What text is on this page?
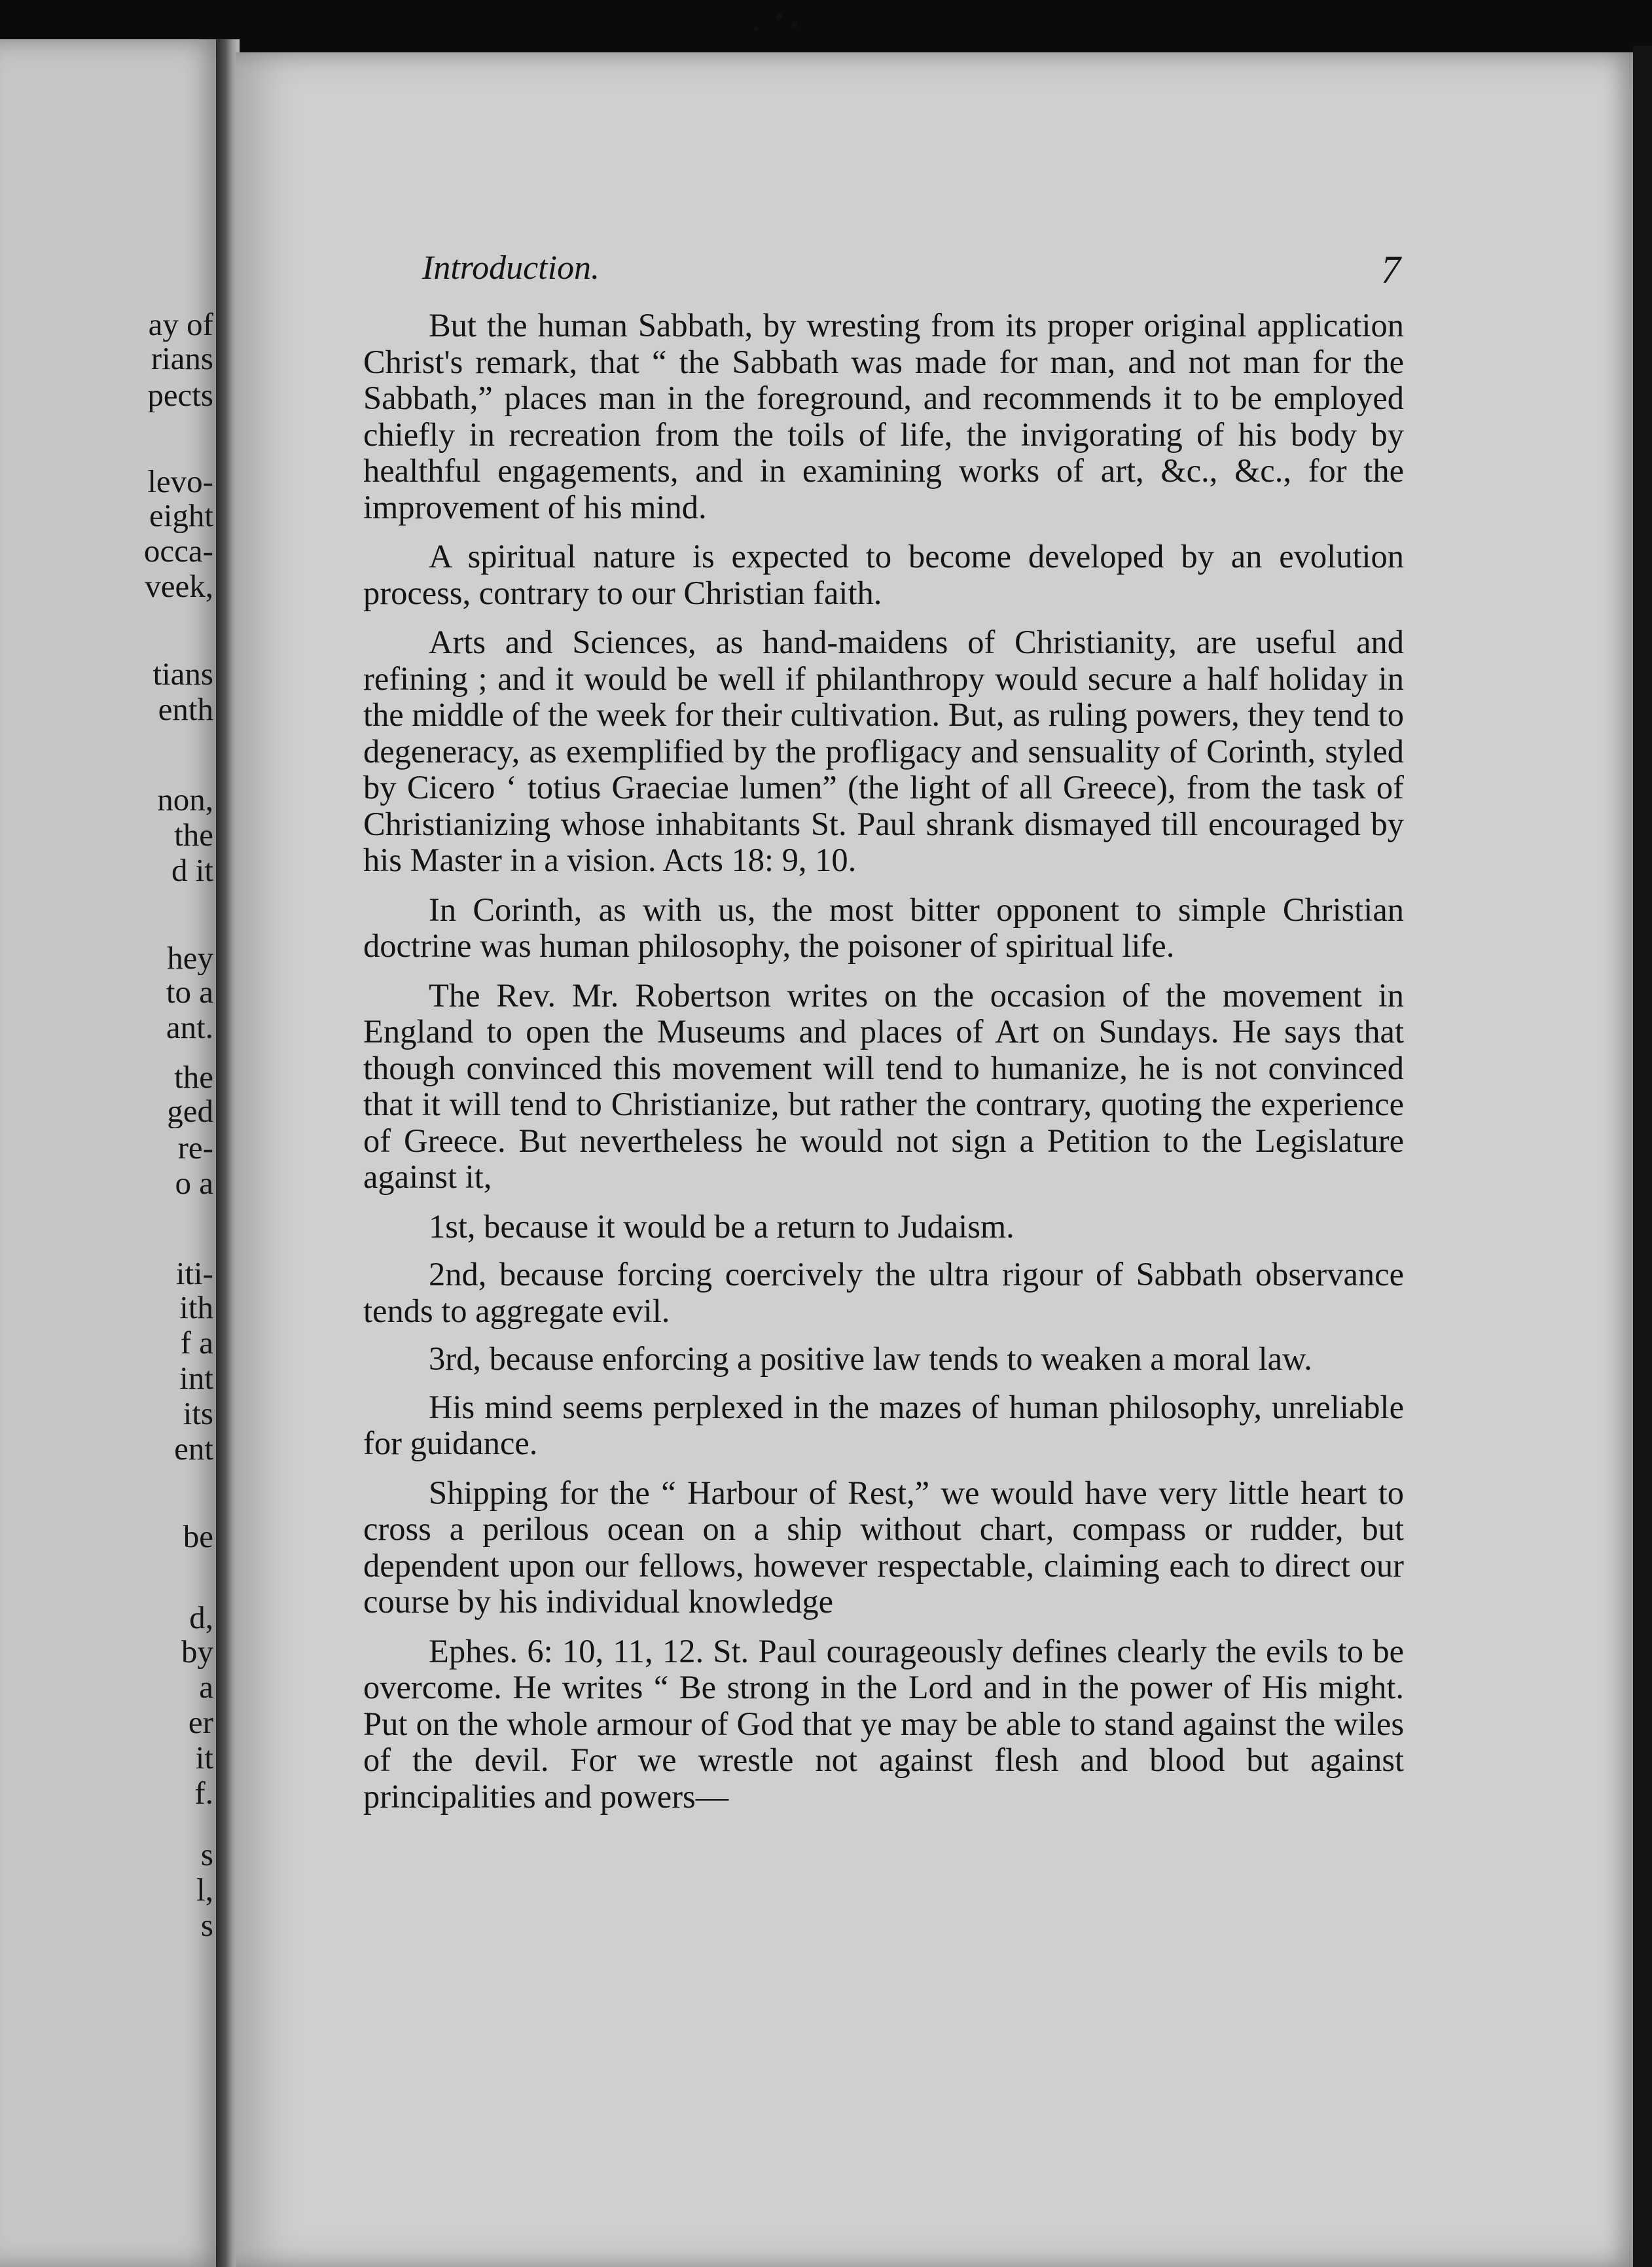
ay of
rians
pects
levo-
eight
occa-
veek,
tians
enth
non,
the
d it
hey
to a
ant.
the
ged
re-
o a
iti-
ith
f a
int
its
ent
be
d,
by
a
er
it
f.
s
l,
s
Introduction.	7

But the human Sabbath, by wresting from its proper original application Christ's remark, that “ the Sabbath was made for man, and not man for the Sabbath,” places man in the foreground, and recommends it to be employed chiefly in recreation from the toils of life, the invigorating of his body by healthful engagements, and in examining works of art, &c., &c., for the improvement of his mind.

A spiritual nature is expected to become developed by an evolution process, contrary to our Christian faith.

Arts and Sciences, as hand-maidens of Christianity, are useful and refining ; and it would be well if philanthropy would secure a half holiday in the middle of the week for their cultivation. But, as ruling powers, they tend to degeneracy, as exemplified by the profligacy and sensuality of Corinth, styled by Cicero ‘ totius Graeciae lumen” (the light of all Greece), from the task of Christianizing whose inhabitants St. Paul shrank dismayed till encouraged by his Master in a vision. Acts 18: 9, 10.

In Corinth, as with us, the most bitter opponent to simple Christian doctrine was human philosophy, the poisoner of spiritual life.

The Rev. Mr. Robertson writes on the occasion of the movement in England to open the Museums and places of Art on Sundays. He says that though convinced this movement will tend to humanize, he is not convinced that it will tend to Christianize, but rather the contrary, quoting the experience of Greece. But nevertheless he would not sign a Petition to the Legislature against it,

1st, because it would be a return to Judaism.

2nd, because forcing coercively the ultra rigour of Sabbath observance tends to aggregate evil.

3rd, because enforcing a positive law tends to weaken a moral law.

His mind seems perplexed in the mazes of human philosophy, unreliable for guidance.

Shipping for the “ Harbour of Rest,” we would have very little heart to cross a perilous ocean on a ship without chart, compass or rudder, but dependent upon our fellows, however respectable, claiming each to direct our course by his individual knowledge

Ephes. 6: 10, 11, 12. St. Paul courageously defines clearly the evils to be overcome. He writes “ Be strong in the Lord and in the power of His might. Put on the whole armour of God that ye may be able to stand against the wiles of the devil. For we wrestle not against flesh and blood but against principalities and powers—
